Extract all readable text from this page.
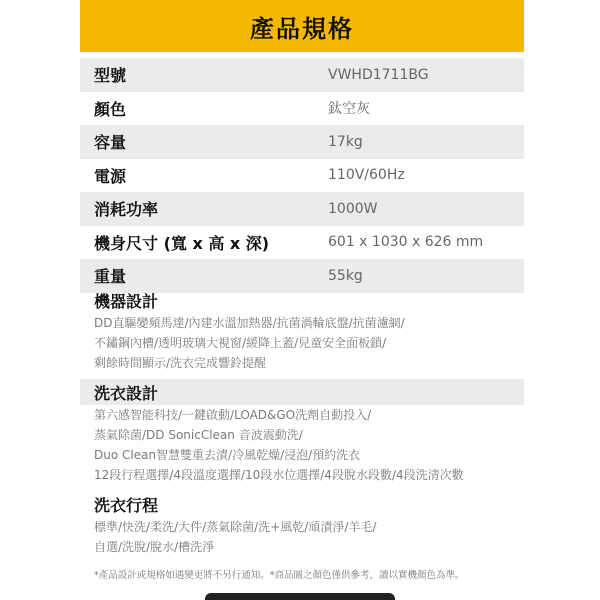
產品規格
型號	VWHD1711BG
顏色	鈦空灰
容量	17kg
電源	110V/60Hz
消耗功率	1000W
機身尺寸 (寬 x 高 x 深)	601 x 1030 x 626 mm
重量	55kg
機器設計
DD直驅變頻馬達/內建水溫加熱器/抗菌渦輪底盤/抗菌濾網/
不鏽鋼內槽/透明玻璃大視窗/緩降上蓋/兒童安全面板鎖/
剩餘時間顯示/洗衣完成響鈴提醒
洗衣設計
第六感智能科技/一鍵啟動/LOAD&GO洗劑自動投入/
蒸氣除菌/DD SonicClean 音波震動洗/
Duo Clean智慧雙重去漬/冷風乾燥/浸泡/預約洗衣
12段行程選擇/4段溫度選擇/10段水位選擇/4段脫水段數/4段洗清次數
洗衣行程
標準/快洗/柔洗/大件/蒸氣除菌/洗+風乾/頑漬淨/羊毛/
自選/洗脫/脫水/槽洗淨
*產品設計或規格如遇變更將不另行通知。*商品圖之顏色僅供參考，讀以實機顏色為準。
